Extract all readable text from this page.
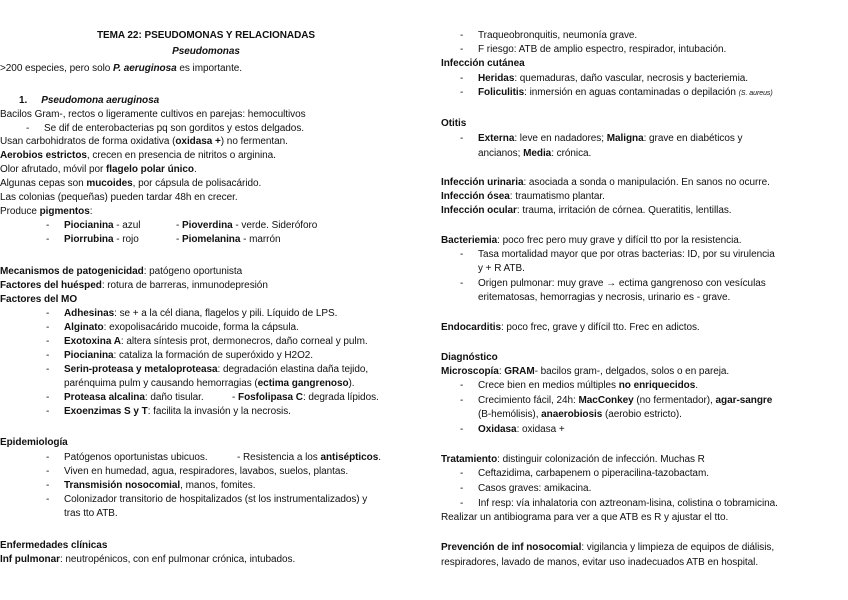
TEMA 22: PSEUDOMONAS Y RELACIONADAS
Pseudomonas
>200 especies, pero solo P. aeruginosa es importante.
1. Pseudomona aeruginosa
Bacilos Gram-, rectos o ligeramente cultivos en parejas: hemocultivos
- Se dif de enterobacterias pq son gorditos y estos delgados.
Usan carbohidratos de forma oxidativa (oxidasa +) no fermentan.
Aerobios estrictos, crecen en presencia de nitritos o arginina.
Olor afrutado, móvil por flagelo polar único.
Algunas cepas son mucoides, por cápsula de polisacárido.
Las colonias (pequeñas) pueden tardar 48h en crecer.
Produce pigmentos:
- Piocianina - azul	- Pioverdina - verde. Sideróforo
- Piorrubina - rojo	- Piomelanina - marrón
Mecanismos de patogenicidad: patógeno oportunista
Factores del huésped: rotura de barreras, inmunodepresión
Factores del MO
- Adhesinas: se + a la cél diana, flagelos y pili. Líquido de LPS.
- Alginato: exopolisacárido mucoide, forma la cápsula.
- Exotoxina A: altera síntesis prot, dermonecros, daño corneal y pulm.
- Piocianina: cataliza la formación de superóxido y H2O2.
- Serin-proteasa y metaloproteasa: degradación elastina daña tejido,
parénquima pulm y causando hemorragias (ectima gangrenoso).
- Proteasa alcalina: daño tisular.	- Fosfolipasa C: degrada lípidos.
- Exoenzimas S y T: facilita la invasión y la necrosis.
Epidemiología
- Patógenos oportunistas ubicuos.	- Resistencia a los antisépticos.
- Viven en humedad, agua, respiradores, lavabos, suelos, plantas.
- Transmisión nosocomial, manos, fomites.
- Colonizador transitorio de hospitalizados (st los instrumentalizados) y
tras tto ATB.
Enfermedades clínicas
Inf pulmonar: neutropénicos, con enf pulmonar crónica, intubados.
- Traqueobronquitis, neumonía grave.
- F riesgo: ATB de amplio espectro, respirador, intubación.
Infección cutánea
- Heridas: quemaduras, daño vascular, necrosis y bacteriemia.
- Foliculitis: inmersión en aguas contaminadas o depilación (S. aureus)
Otitis
- Externa: leve en nadadores; Maligna: grave en diabéticos y
ancianos; Media: crónica.
Infección urinaria: asociada a sonda o manipulación. En sanos no ocurre.
Infección ósea: traumatismo plantar.
Infección ocular: trauma, irritación de córnea. Queratitis, lentillas.
Bacteriemia: poco frec pero muy grave y difícil tto por la resistencia.
- Tasa mortalidad mayor que por otras bacterias: ID, por su virulencia
y + R ATB.
- Origen pulmonar: muy grave → ectima gangrenoso con vesículas
eritematosas, hemorragias y necrosis, urinario es - grave.
Endocarditis: poco frec, grave y difícil tto. Frec en adictos.
Diagnóstico
Microscopía: GRAM- bacilos gram-, delgados, solos o en pareja.
- Crece bien en medios múltiples no enriquecidos.
- Crecimiento fácil, 24h: MacConkey (no fermentador), agar-sangre
(B-hemólisis), anaerobiosis (aerobio estricto).
- Oxidasa: oxidasa +
Tratamiento: distinguir colonización de infección. Muchas R
- Ceftazidima, carbapenem o piperacilina-tazobactam.
- Casos graves: amikacina.
- Inf resp: vía inhalatoria con aztreonam-lisina, colistina o tobramicina.
Realizar un antibiograma para ver a que ATB es R y ajustar el tto.
Prevención de inf nosocomial: vigilancia y limpieza de equipos de diálisis,
respiradores, lavado de manos, evitar uso inadecuados ATB en hospital.
